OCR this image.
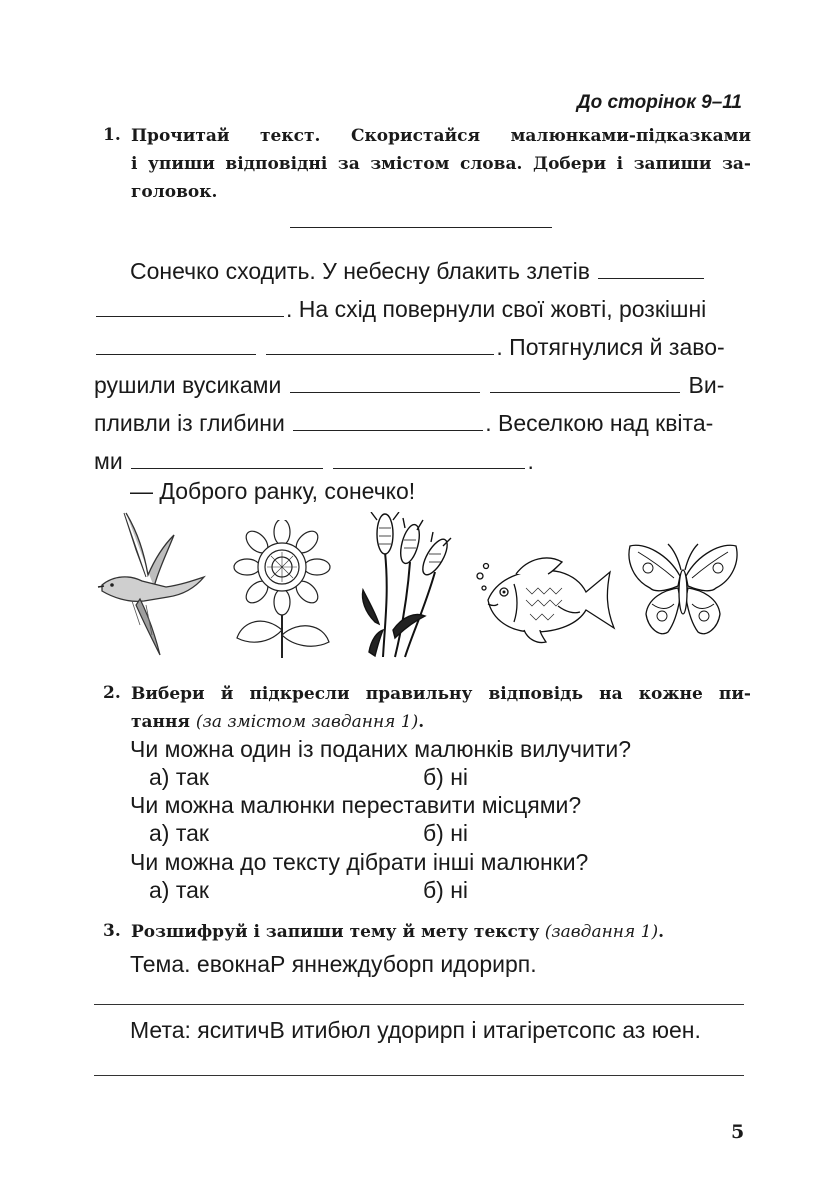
До сторінок 9–11
1. Прочитай текст. Скористайся малюнками-підказками
і упиши відповідні за змістом слова. Добери і запиши за-
головок.
Сонечко сходить. У небесну блакить злетів
. На схід повернули свої жовті, розкішні
. Потягнулися й заво-
рушили вусиками	Ви-
пливли із глибини	. Веселкою над квіта-
ми	.
— Доброго ранку, сонечко!
2. Вибери й підкресли правильну відповідь на кожне пи-
тання (за змістом завдання 1).
Чи можна один із поданих малюнків вилучити?
а) так	б) ні
Чи можна малюнки переставити місцями?
а) так	б) ні
Чи можна до тексту дібрати інші малюнки?
а) так	б) ні
3. Розшифруй і запиши тему й мету тексту (завдання 1).
Тема. евокнаР яннеждуборп идорирп.
Мета: яситичВ итибюл удорирп і итагіретсопс аз юен.
5
